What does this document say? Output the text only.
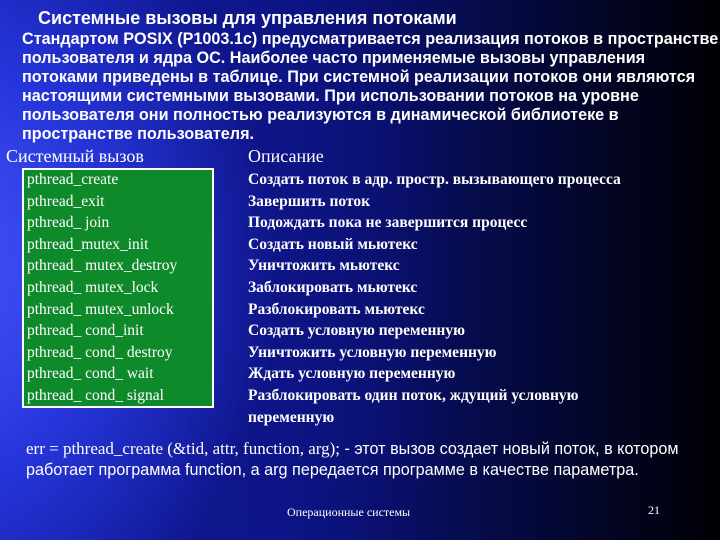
Системные вызовы для управления потоками

Стандартом POSIX (P1003.1c) предусматривается реализация потоков в пространстве пользователя и ядра ОС. Наиболее часто применяемые вызовы управления потоками приведены в таблице. При системной реализации потоков они являются настоящими системными вызовами. При использовании потоков на уровне пользователя они полностью реализуются в динамической библиотеке в пространстве пользователя.

Системный вызов	Описание
pthread_create
pthread_exit
pthread_ join
pthread_mutex_init
pthread_ mutex_destroy
pthread_ mutex_lock
pthread_ mutex_unlock
pthread_ cond_init
pthread_ cond_ destroy
pthread_ cond_ wait
pthread_ cond_ signal
Создать поток в адр. простр. вызывающего процесса
Завершить поток
Подождать пока не завершится процесс
Создать новый мьютекс
Уничтожить мьютекс
Заблокировать мьютекс
Разблокировать мьютекс
Создать условную переменную
Уничтожить условную переменную
Ждать условную переменную
Разблокировать один поток, ждущий условную переменную

err = pthread_create (&tid, attr, function, arg); - этот вызов создает новый поток, в котором работает программа function, а arg передается программе в качестве параметра.

Операционные системы	21
